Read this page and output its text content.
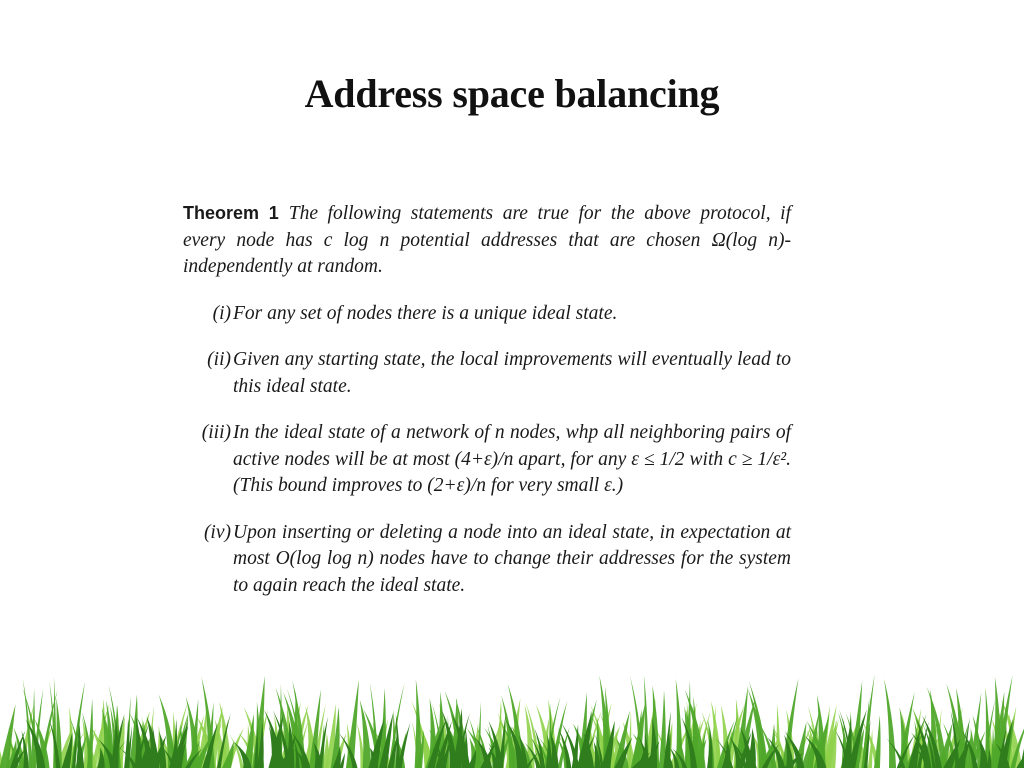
Address space balancing

Theorem 1 The following statements are true for the above protocol, if every node has c log n potential addresses that are chosen Ω(log n)-independently at random.

(i) For any set of nodes there is a unique ideal state.
(ii) Given any starting state, the local improvements will eventually lead to this ideal state.
(iii) In the ideal state of a network of n nodes, whp all neighboring pairs of active nodes will be at most (4+ε)/n apart, for any ε ≤ 1/2 with c ≥ 1/ε². (This bound improves to (2+ε)/n for very small ε.)
(iv) Upon inserting or deleting a node into an ideal state, in expectation at most O(log log n) nodes have to change their addresses for the system to again reach the ideal state.
